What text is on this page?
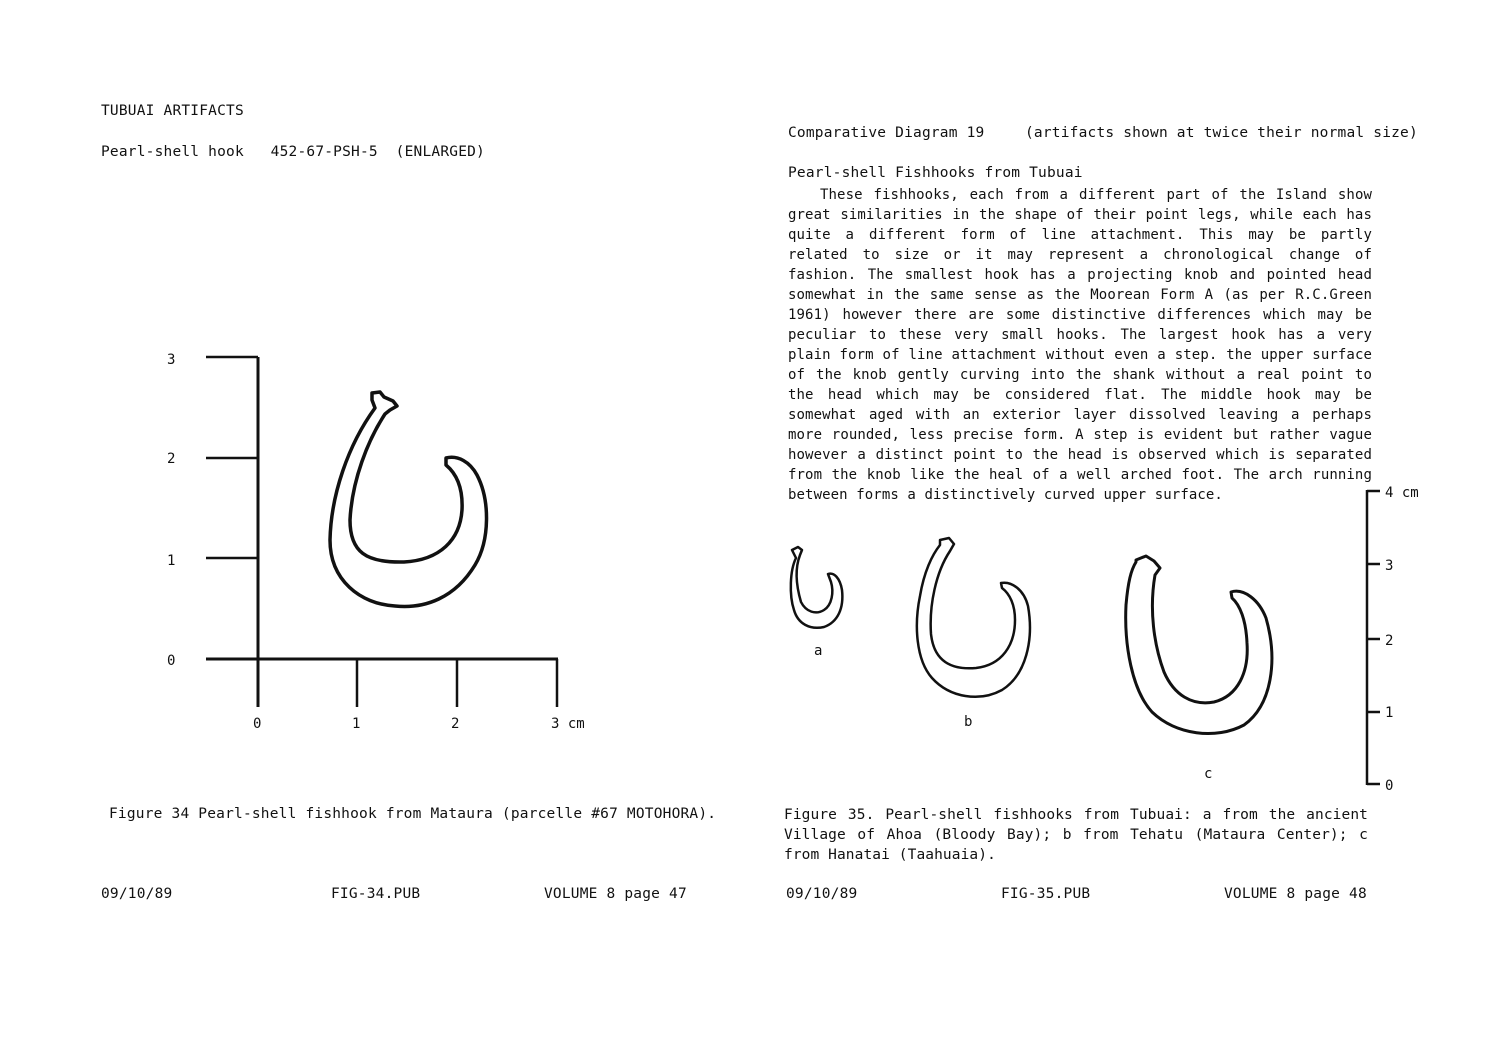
TUBUAI ARTIFACTS
Pearl-shell hook   452-67-PSH-5  (ENLARGED)
3
2
1
0
0	1	2	3 cm
Figure 34 Pearl-shell fishhook from Mataura (parcelle #67 MOTOHORA).
09/10/89	FIG-34.PUB	VOLUME 8 page 47
Comparative Diagram 19	(artifacts shown at twice their normal size)
Pearl-shell Fishhooks from Tubuai
These fishhooks, each from a different part of the Island show great similarities in the shape of their point legs, while each has quite a different form of line attachment. This may be partly related to size or it may represent a chronological change of fashion. The smallest hook has a projecting knob and pointed head somewhat in the same sense as the Moorean Form A (as per R.C.Green 1961) however there are some distinctive differences which may be peculiar to these very small hooks. The largest hook has a very plain form of line attachment without even a step. the upper surface of the knob gently curving into the shank without a real point to the head which may be considered flat. The middle hook may be somewhat aged with an exterior layer dissolved leaving a perhaps more rounded, less precise form. A step is evident but rather vague however a distinct point to the head is observed which is separated from the knob like the heal of a well arched foot. The arch running between forms a distinctively curved upper surface.
a
b
c
4 cm
3
2
1
0
Figure 35. Pearl-shell fishhooks from Tubuai: a from the ancient Village of Ahoa (Bloody Bay); b from Tehatu (Mataura Center); c from Hanatai (Taahuaia).
09/10/89	FIG-35.PUB	VOLUME 8 page 48
